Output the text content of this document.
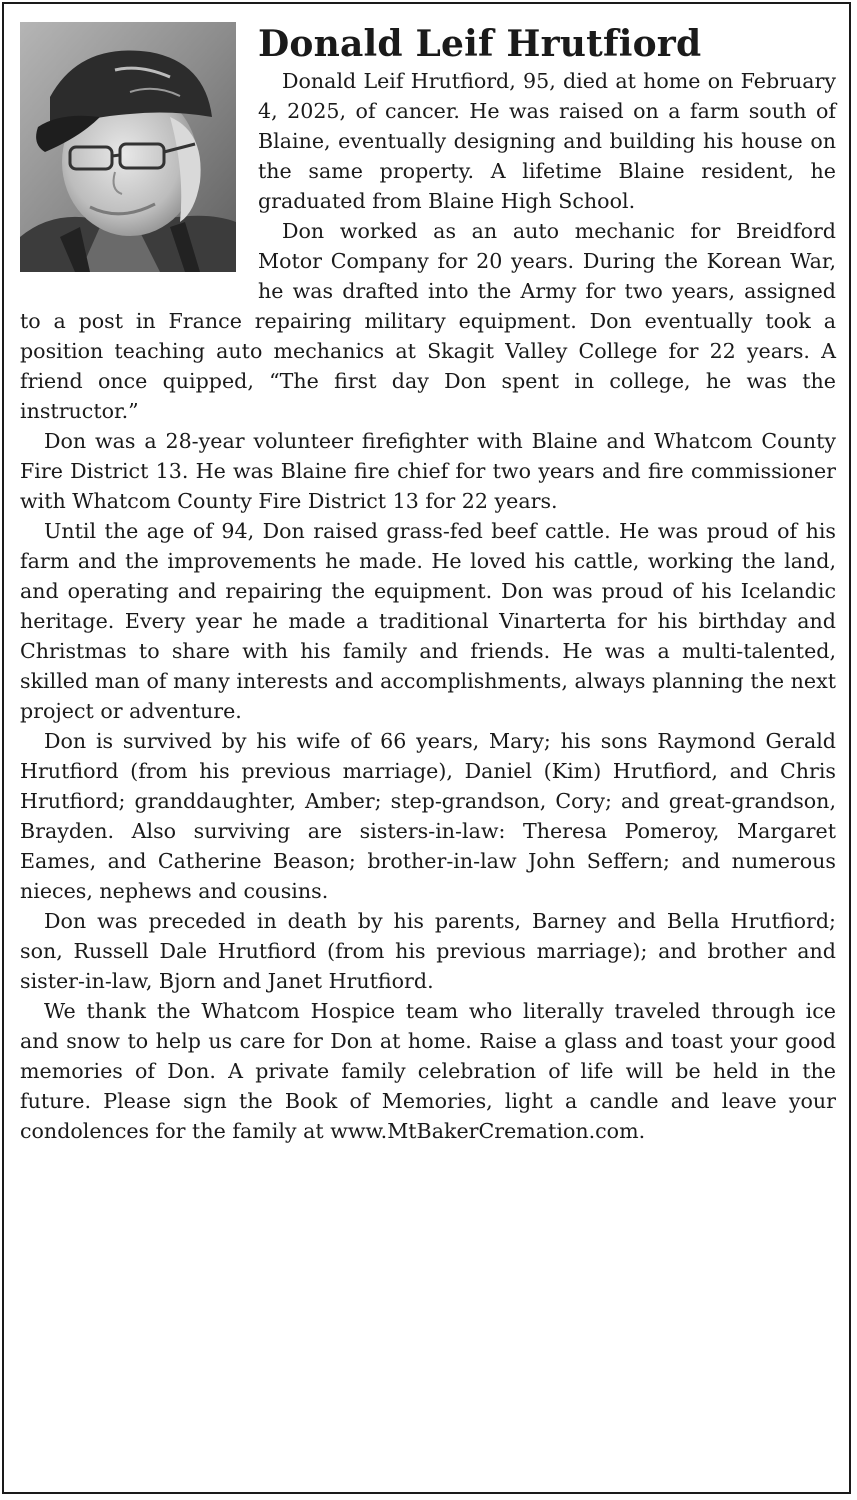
Donald Leif Hrutfiord

Donald Leif Hrutfiord, 95, died at home on February 4, 2025, of cancer. He was raised on a farm south of Blaine, eventually designing and building his house on the same property. A lifetime Blaine resident, he graduated from Blaine High School.

Don worked as an auto mechanic for Breidford Motor Company for 20 years. During the Korean War, he was drafted into the Army for two years, assigned to a post in France repairing military equipment. Don eventually took a position teaching auto mechanics at Skagit Valley College for 22 years. A friend once quipped, “The first day Don spent in college, he was the instructor.”

Don was a 28-year volunteer firefighter with Blaine and Whatcom County Fire District 13. He was Blaine fire chief for two years and fire commissioner with Whatcom County Fire District 13 for 22 years.

Until the age of 94, Don raised grass-fed beef cattle. He was proud of his farm and the improvements he made. He loved his cattle, working the land, and operating and repairing the equipment. Don was proud of his Icelandic heritage. Every year he made a traditional Vinarterta for his birthday and Christmas to share with his family and friends. He was a multi-talented, skilled man of many interests and accomplishments, always planning the next project or adventure.

Don is survived by his wife of 66 years, Mary; his sons Raymond Gerald Hrutfiord (from his previous marriage), Daniel (Kim) Hrutfiord, and Chris Hrutfiord; granddaughter, Amber; step-grandson, Cory; and great-grandson, Brayden. Also surviving are sisters-in-law: Theresa Pomeroy, Margaret Eames, and Catherine Beason; brother-in-law John Seffern; and numerous nieces, nephews and cousins.

Don was preceded in death by his parents, Barney and Bella Hrutfiord; son, Russell Dale Hrutfiord (from his previous marriage); and brother and sister-in-law, Bjorn and Janet Hrutfiord.

We thank the Whatcom Hospice team who literally traveled through ice and snow to help us care for Don at home. Raise a glass and toast your good memories of Don. A private family celebration of life will be held in the future. Please sign the Book of Memories, light a candle and leave your condolences for the family at www.MtBakerCremation.com.
